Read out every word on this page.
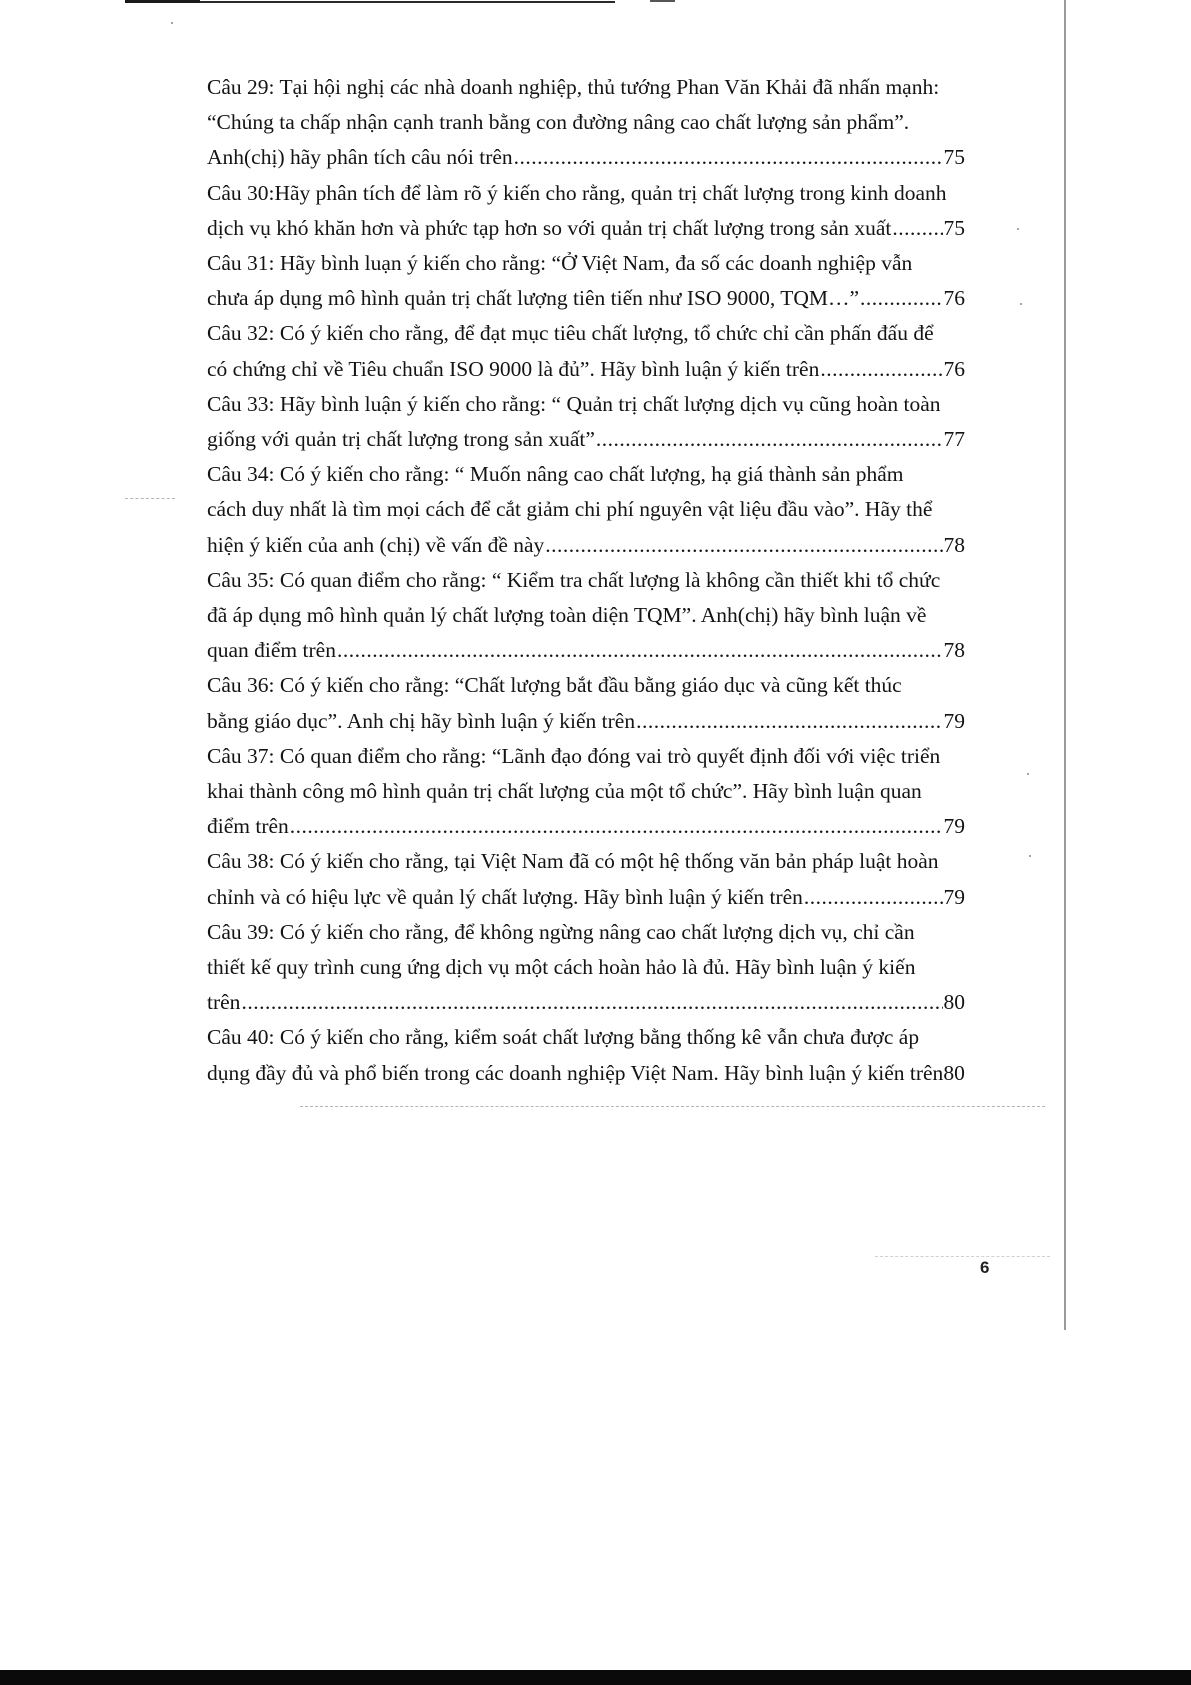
Câu 29: Tại hội nghị các nhà doanh nghiệp, thủ tướng Phan Văn Khải đã nhấn mạnh:
“Chúng ta chấp nhận cạnh tranh bằng con đường nâng cao chất lượng sản phẩm”.
Anh(chị) hãy phân tích câu nói trên .....	75
Câu 30:Hãy phân tích để làm rõ ý kiến cho rằng, quản trị chất lượng trong kinh doanh
dịch vụ khó khăn hơn và phức tạp hơn so với quản trị chất lượng trong sản xuất ..... 75
Câu 31: Hãy bình luạn ý kiến cho rằng: “Ở Việt Nam, đa số các doanh nghiệp vẫn
chưa áp dụng mô hình quản trị chất lượng tiên tiến như ISO 9000, TQM…” .....	76
Câu 32: Có ý kiến cho rằng, để đạt mục tiêu chất lượng, tổ chức chỉ cần phấn đấu để
có chứng chỉ về Tiêu chuẩn ISO 9000 là đủ”. Hãy bình luận ý kiến trên .....	76
Câu 33: Hãy bình luận ý kiến cho rằng: “ Quản trị chất lượng dịch vụ cũng hoàn toàn
giống với quản trị chất lượng trong sản xuất” .....	77
Câu 34: Có ý kiến cho rằng: “ Muốn nâng cao chất lượng, hạ giá thành sản phẩm
cách duy nhất là tìm mọi cách để cắt giảm chi phí nguyên vật liệu đầu vào”. Hãy thể
hiện ý kiến của anh (chị) về vấn đề này .....	78
Câu 35: Có quan điểm cho rằng: “ Kiểm tra chất lượng là không cần thiết khi tổ chức
đã áp dụng mô hình quản lý chất lượng toàn diện TQM”. Anh(chị) hãy bình luận về
quan điểm trên .....	78
Câu 36: Có ý kiến cho rằng: “Chất lượng bắt đầu bằng giáo dục và cũng kết thúc
bằng giáo dục”. Anh chị hãy bình luận ý kiến trên .....	79
Câu 37: Có quan điểm cho rằng: “Lãnh đạo đóng vai trò quyết định đối với việc triển
khai thành công mô hình quản trị chất lượng của một tổ chức”. Hãy bình luận quan
điểm trên .....	79
Câu 38: Có ý kiến cho rằng, tại Việt Nam đã có một hệ thống văn bản pháp luật hoàn
chỉnh và có hiệu lực về quản lý chất lượng. Hãy bình luận ý kiến trên .....	79
Câu 39: Có ý kiến cho rằng, để không ngừng nâng cao chất lượng dịch vụ, chỉ cần
thiết kế quy trình cung ứng dịch vụ một cách hoàn hảo là đủ. Hãy bình luận ý kiến
trên .....	80
Câu 40: Có ý kiến cho rằng, kiểm soát chất lượng bằng thống kê vẫn chưa được áp
dụng đầy đủ và phổ biến trong các doanh nghiệp Việt Nam. Hãy bình luận ý kiến trên 80
6
